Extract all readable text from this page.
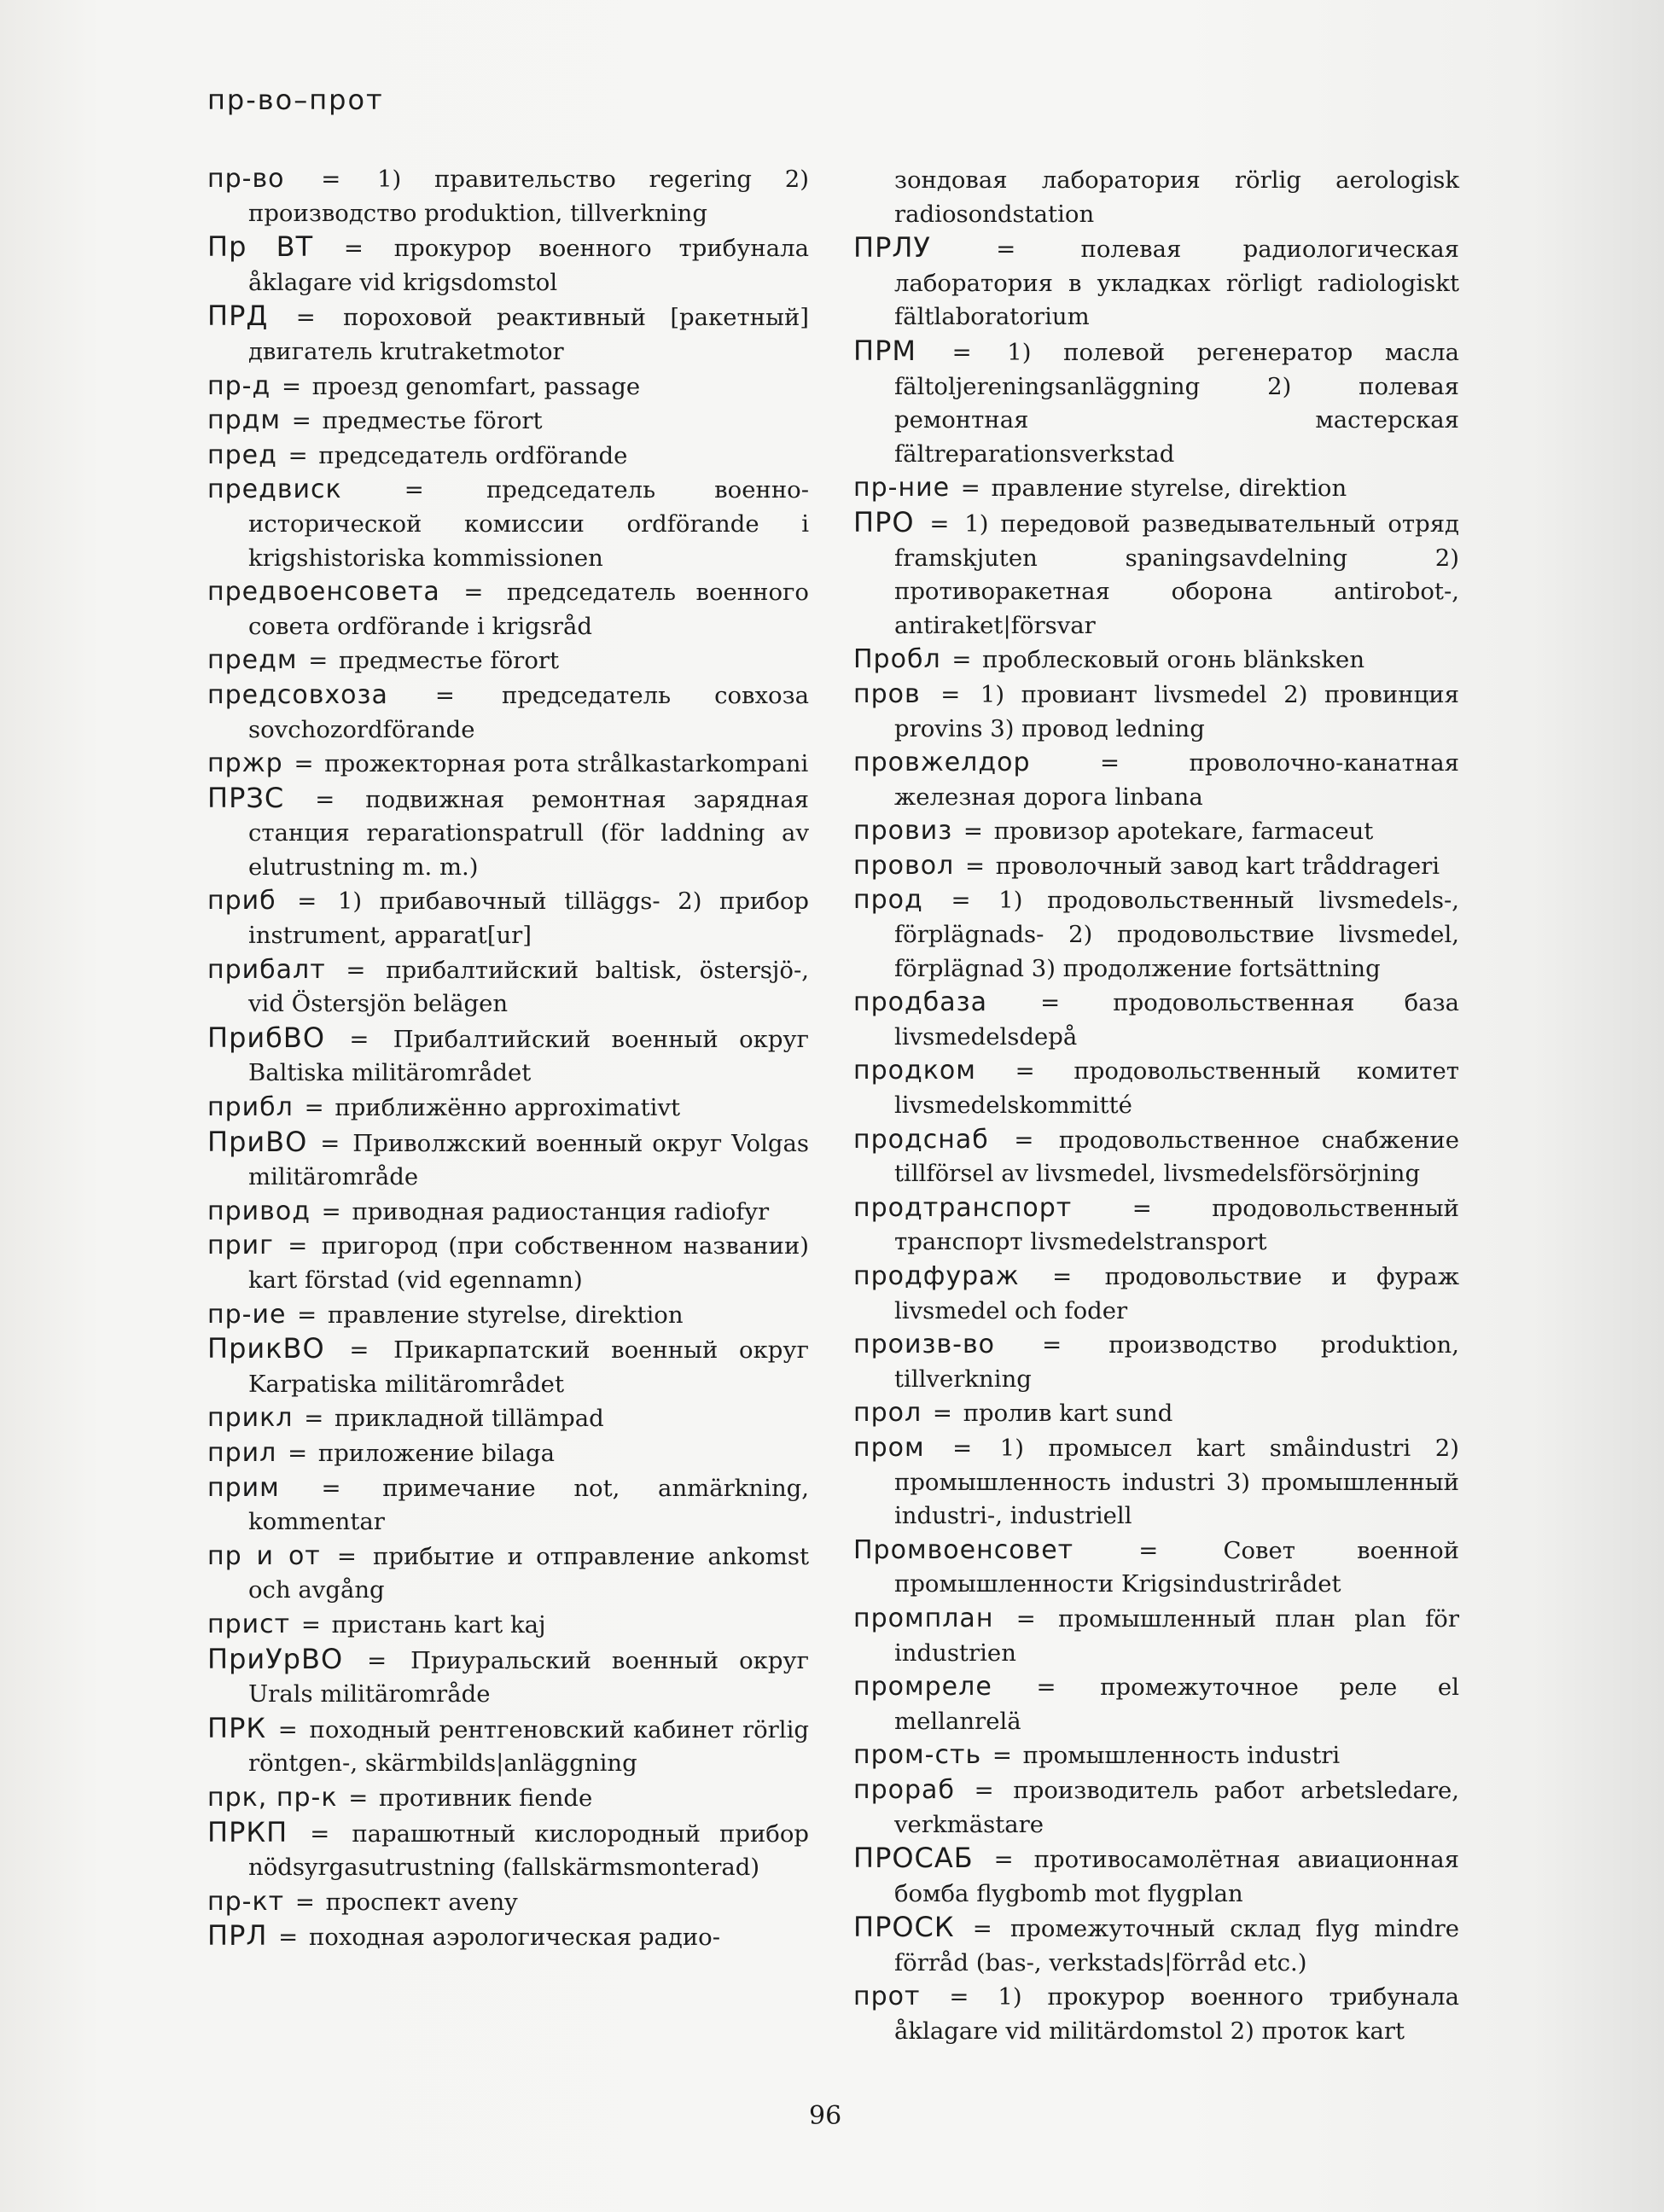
пр-во–прот
пр-во = 1) правительство regering 2) производство produktion, tillverkning
Пр ВТ = прокурор военного трибунала åklagare vid krigsdomstol
ПРД = пороховой реактивный [ракетный] двигатель krutraketmotor
пр-д = проезд genomfart, passage
прдм = предместье förort
пред = председатель ordförande
предвиск = председатель военно-исторической комиссии ordförande i krigshistoriska kommissionen
предвоенсовета = председатель военного совета ordförande i krigsråd
предм = предместье förort
предсовхоза = председатель совхоза sovchozordförande
пржр = прожекторная рота strålkastarkompani
ПРЗС = подвижная ремонтная зарядная станция reparationspatrull (för laddning av elutrustning m. m.)
приб = 1) прибавочный tilläggs- 2) прибор instrument, apparat[ur]
прибалт = прибалтийский baltisk, östersjö-, vid Östersjön belägen
ПрибВО = Прибалтийский военный округ Baltiska militärområdet
прибл = приближённо approximativt
ПриВО = Приволжский военный округ Volgas militärområde
привод = приводная радиостанция radiofyr
приг = пригород (при собственном названии) kart förstad (vid egennamn)
пр-ие = правление styrelse, direktion
ПрикВО = Прикарпатский военный округ Karpatiska militärområdet
прикл = прикладной tillämpad
прил = приложение bilaga
прим = примечание not, anmärkning, kommentar
пр и от = прибытие и отправление ankomst och avgång
прист = пристань kart kaj
ПриУрВО = Приуральский военный округ Urals militärområde
ПРК = походный рентгеновский кабинет rörlig röntgen-, skärmbilds|anläggning
прк, пр-к = противник fiende
ПРКП = парашютный кислородный прибор nödsyrgasutrustning (fallskärmsmonterad)
пр-кт = проспект aveny
ПРЛ = походная аэрологическая радио-
зондовая лаборатория rörlig aerologisk radiosondstation
ПРЛУ = полевая радиологическая лаборатория в укладках rörligt radiologiskt fältlaboratorium
ПРМ = 1) полевой регенератор масла fältoljereningsanläggning 2) полевая ремонтная мастерская fältreparationsverkstad
пр-ние = правление styrelse, direktion
ПРО = 1) передовой разведывательный отряд framskjuten spaningsavdelning 2) противоракетная оборона antirobot-, antiraket|försvar
Пробл = проблесковый огонь blänkskеn
пров = 1) провиант livsmedel 2) провинция provins 3) провод ledning
провжелдор = проволочно-канатная железная дорога linbana
провиз = провизор apotekare, farmaceut
провол = проволочный завод kart tråddrageri
прод = 1) продовольственный livsmedels-, förplägnads- 2) продовольствие livsmedel, förplägnad 3) продолжение fortsättning
продбаза = продовольственная база livsmedelsdepå
продком = продовольственный комитет livsmedelskommitté
продснаб = продовольственное снабжение tillförsel av livsmedel, livsmedelsförsörjning
продтранспорт = продовольственный транспорт livsmedelstransport
продфураж = продовольствие и фураж livsmedel och foder
произв-во = производство produktion, tillverkning
прол = пролив kart sund
пром = 1) промысел kart småindustri 2) промышленность industri 3) промышленный industri-, industriell
Промвоенсовет = Совет военной промышленности Krigsindustrirådet
промплан = промышленный план plan för industrien
промреле = промежуточное реле el mellanrelä
пром-сть = промышленность industri
прораб = производитель работ arbetsledare, verkmästare
ПРОСАБ = противосамолётная авиационная бомба flygbomb mot flygplan
ПРОСК = промежуточный склад flyg mindre förråd (bas-, verkstads|förråd etc.)
прот = 1) прокурор военного трибунала åklagare vid militärdomstol 2) проток kart
96
